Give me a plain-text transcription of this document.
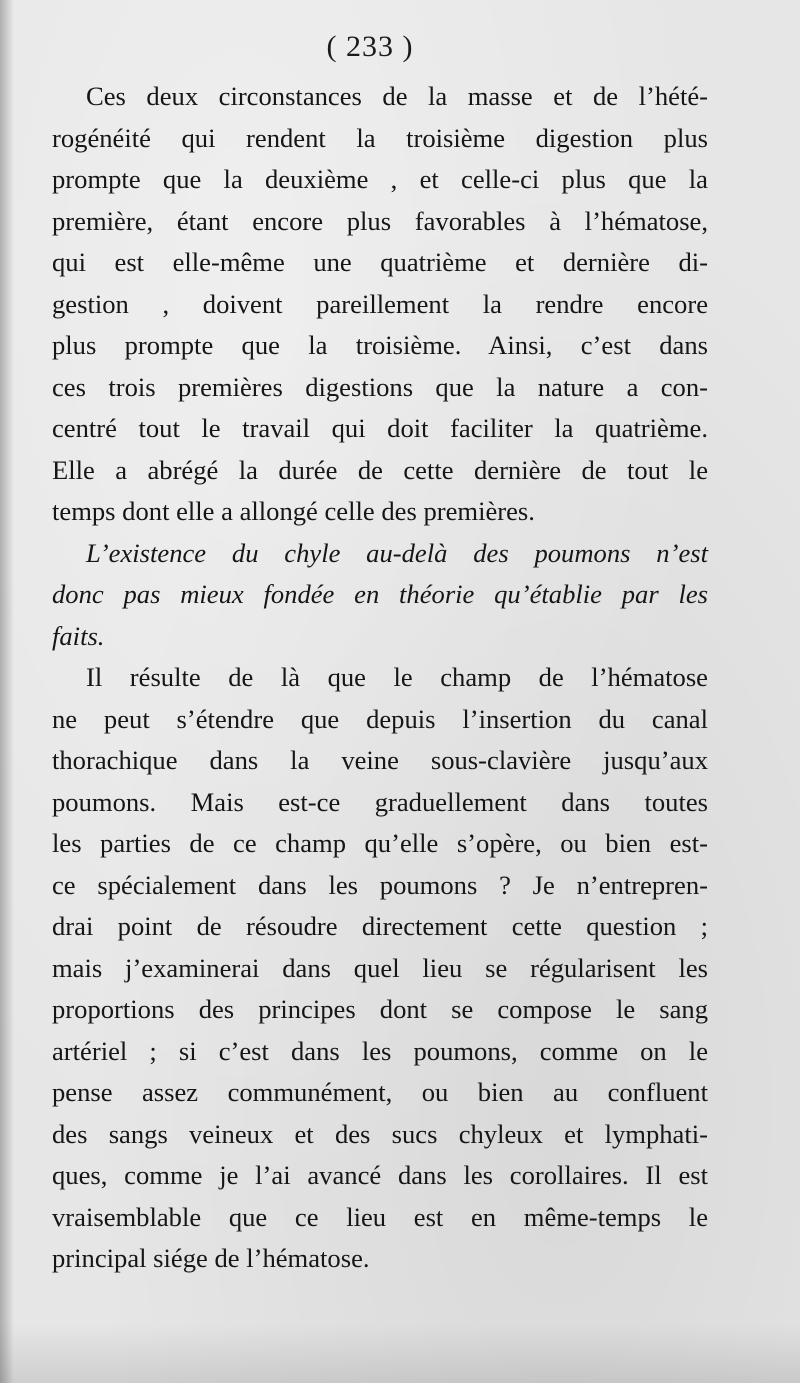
( 233 )
Ces deux circonstances de la masse et de l’hété-
rogénéité qui rendent la troisième digestion plus
prompte que la deuxième , et celle-ci plus que la
première, étant encore plus favorables à l’hématose,
qui est elle-même une quatrième et dernière di-
gestion , doivent pareillement la rendre encore
plus prompte que la troisième. Ainsi, c’est dans
ces trois premières digestions que la nature a con-
centré tout le travail qui doit faciliter la quatrième.
Elle a abrégé la durée de cette dernière de tout le
temps dont elle a allongé celle des premières.
L’existence du chyle au-delà des poumons n’est
donc pas mieux fondée en théorie qu’établie par les
faits.
Il résulte de là que le champ de l’hématose
ne peut s’étendre que depuis l’insertion du canal
thorachique dans la veine sous-clavière jusqu’aux
poumons. Mais est-ce graduellement dans toutes
les parties de ce champ qu’elle s’opère, ou bien est-
ce spécialement dans les poumons ? Je n’entrepren-
drai point de résoudre directement cette question ;
mais j’examinerai dans quel lieu se régularisent les
proportions des principes dont se compose le sang
artériel ; si c’est dans les poumons, comme on le
pense assez communément, ou bien au confluent
des sangs veineux et des sucs chyleux et lymphati-
ques, comme je l’ai avancé dans les corollaires. Il est
vraisemblable que ce lieu est en même-temps le
principal siége de l’hématose.
